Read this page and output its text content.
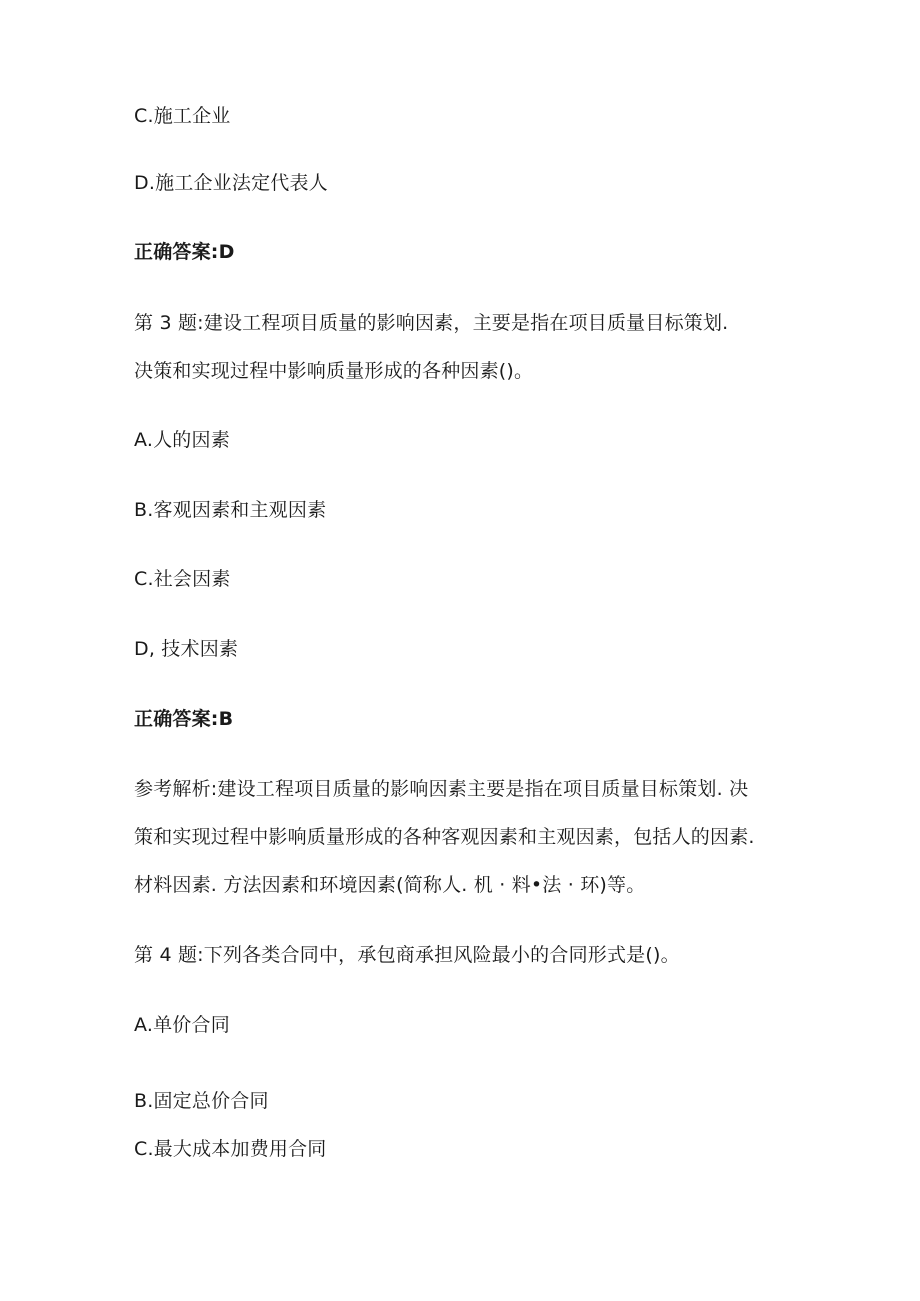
C.施工企业
D.施工企业法定代表人
正确答案:D
第 3 题:建设工程项目质量的影响因素，主要是指在项目质量目标策划.
决策和实现过程中影响质量形成的各种因素()。
A.人的因素
B.客观因素和主观因素
C.社会因素
D, 技术因素
正确答案:B
参考解析:建设工程项目质量的影响因素主要是指在项目质量目标策划. 决
策和实现过程中影响质量形成的各种客观因素和主观因素，包括人的因素.
材料因素. 方法因素和环境因素(简称人. 机 · 料•法 · 环)等。
第 4 题:下列各类合同中，承包商承担风险最小的合同形式是()。
A.单价合同
B.固定总价合同
C.最大成本加费用合同
